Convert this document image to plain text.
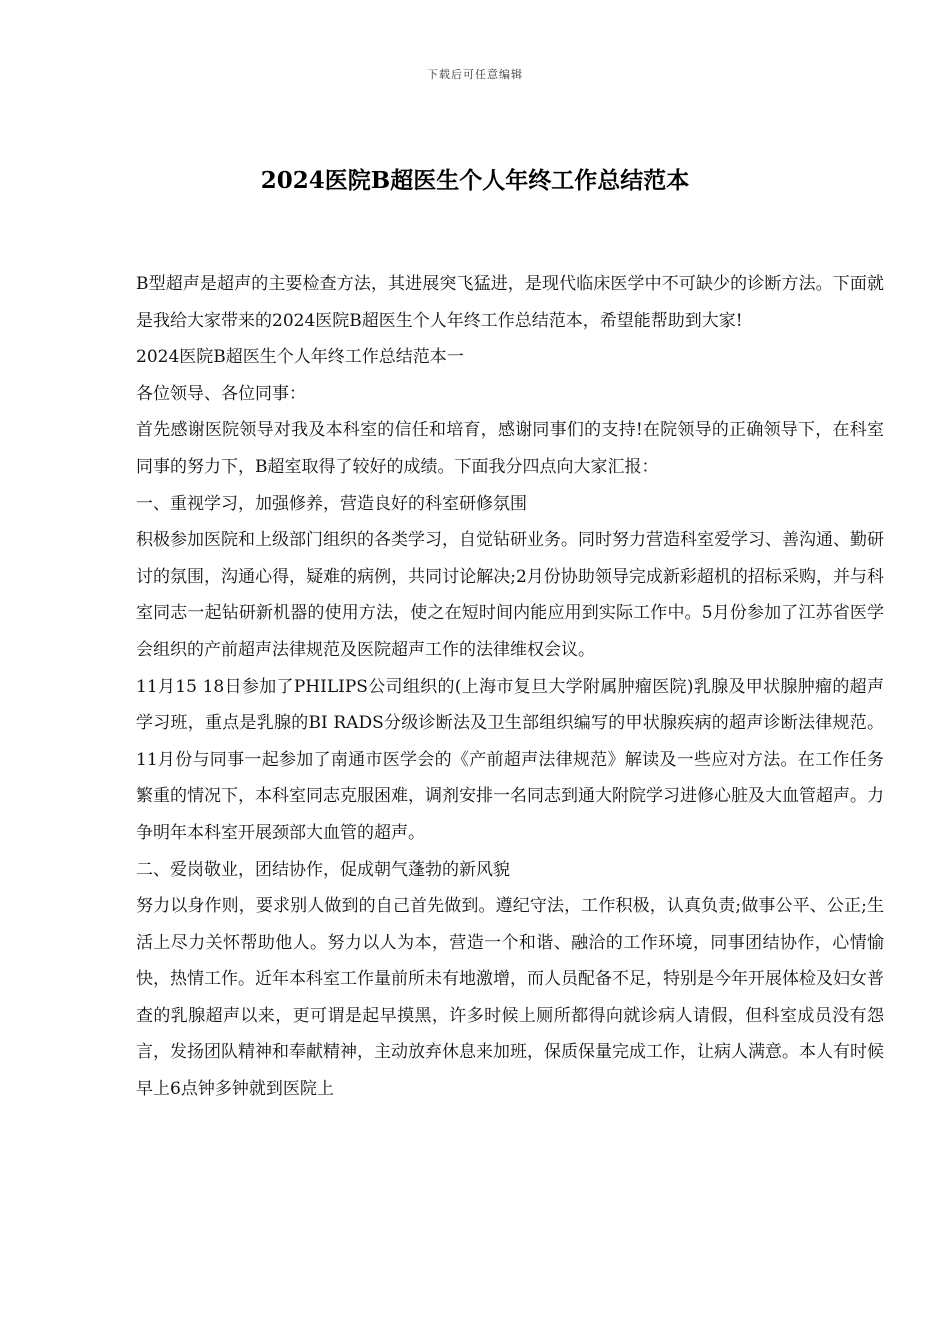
下载后可任意编辑
2024医院B超医生个人年终工作总结范本

B型超声是超声的主要检查方法，其进展突飞猛进，是现代临床医学中不可缺少的诊断方法。下面就是我给大家带来的2024医院B超医生个人年终工作总结范本，希望能帮助到大家!

2024医院B超医生个人年终工作总结范本一

各位领导、各位同事：

首先感谢医院领导对我及本科室的信任和培育，感谢同事们的支持!在院领导的正确领导下，在科室同事的努力下，B超室取得了较好的成绩。下面我分四点向大家汇报：

一、重视学习，加强修养，营造良好的科室研修氛围

积极参加医院和上级部门组织的各类学习，自觉钻研业务。同时努力营造科室爱学习、善沟通、勤研讨的氛围，沟通心得，疑难的病例，共同讨论解决;2月份协助领导完成新彩超机的招标采购，并与科室同志一起钻研新机器的使用方法，使之在短时间内能应用到实际工作中。5月份参加了江苏省医学会组织的产前超声法律规范及医院超声工作的法律维权会议。

11月15 18日参加了PHILIPS公司组织的(上海市复旦大学附属肿瘤医院)乳腺及甲状腺肿瘤的超声学习班，重点是乳腺的BI RADS分级诊断法及卫生部组织编写的甲状腺疾病的超声诊断法律规范。11月份与同事一起参加了南通市医学会的《产前超声法律规范》解读及一些应对方法。在工作任务繁重的情况下，本科室同志克服困难，调剂安排一名同志到通大附院学习进修心脏及大血管超声。力争明年本科室开展颈部大血管的超声。

二、爱岗敬业，团结协作，促成朝气蓬勃的新风貌

努力以身作则，要求别人做到的自己首先做到。遵纪守法，工作积极，认真负责;做事公平、公正;生活上尽力关怀帮助他人。努力以人为本，营造一个和谐、融洽的工作环境，同事团结协作，心情愉快，热情工作。近年本科室工作量前所未有地激增，而人员配备不足，特别是今年开展体检及妇女普查的乳腺超声以来，更可谓是起早摸黑，许多时候上厕所都得向就诊病人请假，但科室成员没有怨言，发扬团队精神和奉献精神，主动放弃休息来加班，保质保量完成工作，让病人满意。本人有时候早上6点钟多钟就到医院上
